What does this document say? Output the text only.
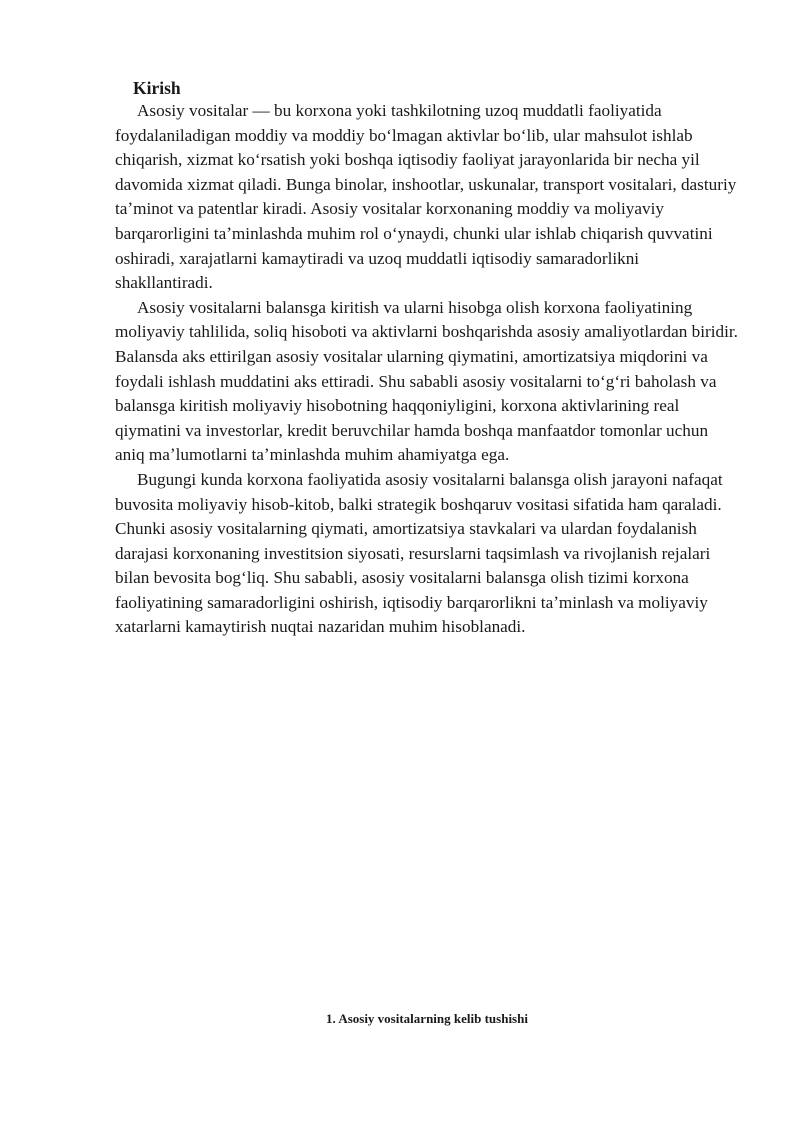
Kirish

Asosiy vositalar — bu korxona yoki tashkilotning uzoq muddatli faoliyatida foydalaniladigan moddiy va moddiy boʻlmagan aktivlar boʻlib, ular mahsulot ishlab chiqarish, xizmat koʻrsatish yoki boshqa iqtisodiy faoliyat jarayonlarida bir necha yil davomida xizmat qiladi. Bunga binolar, inshootlar, uskunalar, transport vositalari, dasturiy taʼminot va patentlar kiradi. Asosiy vositalar korxonaning moddiy va moliyaviy barqarorligini taʼminlashda muhim rol oʻynaydi, chunki ular ishlab chiqarish quvvatini oshiradi, xarajatlarni kamaytiradi va uzoq muddatli iqtisodiy samaradorlikni shakllantiradi.

Asosiy vositalarni balansga kiritish va ularni hisobga olish korxona faoliyatining moliyaviy tahlilida, soliq hisoboti va aktivlarni boshqarishda asosiy amaliyotlardan biridir. Balansda aks ettirilgan asosiy vositalar ularning qiymatini, amortizatsiya miqdorini va foydali ishlash muddatini aks ettiradi. Shu sababli asosiy vositalarni toʻgʻri baholash va balansga kiritish moliyaviy hisobotning haqqoniyligini, korxona aktivlarining real qiymatini va investorlar, kredit beruvchilar hamda boshqa manfaatdor tomonlar uchun aniq maʼlumotlarni taʼminlashda muhim ahamiyatga ega.

Bugungi kunda korxona faoliyatida asosiy vositalarni balansga olish jarayoni nafaqat buvosita moliyaviy hisob-kitob, balki strategik boshqaruv vositasi sifatida ham qaraladi. Chunki asosiy vositalarning qiymati, amortizatsiya stavkalari va ulardan foydalanish darajasi korxonaning investitsion siyosati, resurslarni taqsimlash va rivojlanish rejalari bilan bevosita bogʻliq. Shu sababli, asosiy vositalarni balansga olish tizimi korxona faoliyatining samaradorligini oshirish, iqtisodiy barqarorlikni taʼminlash va moliyaviy xatarlarni kamaytirish nuqtai nazaridan muhim hisoblanadi.

1. Asosiy vositalarning kelib tushishi
